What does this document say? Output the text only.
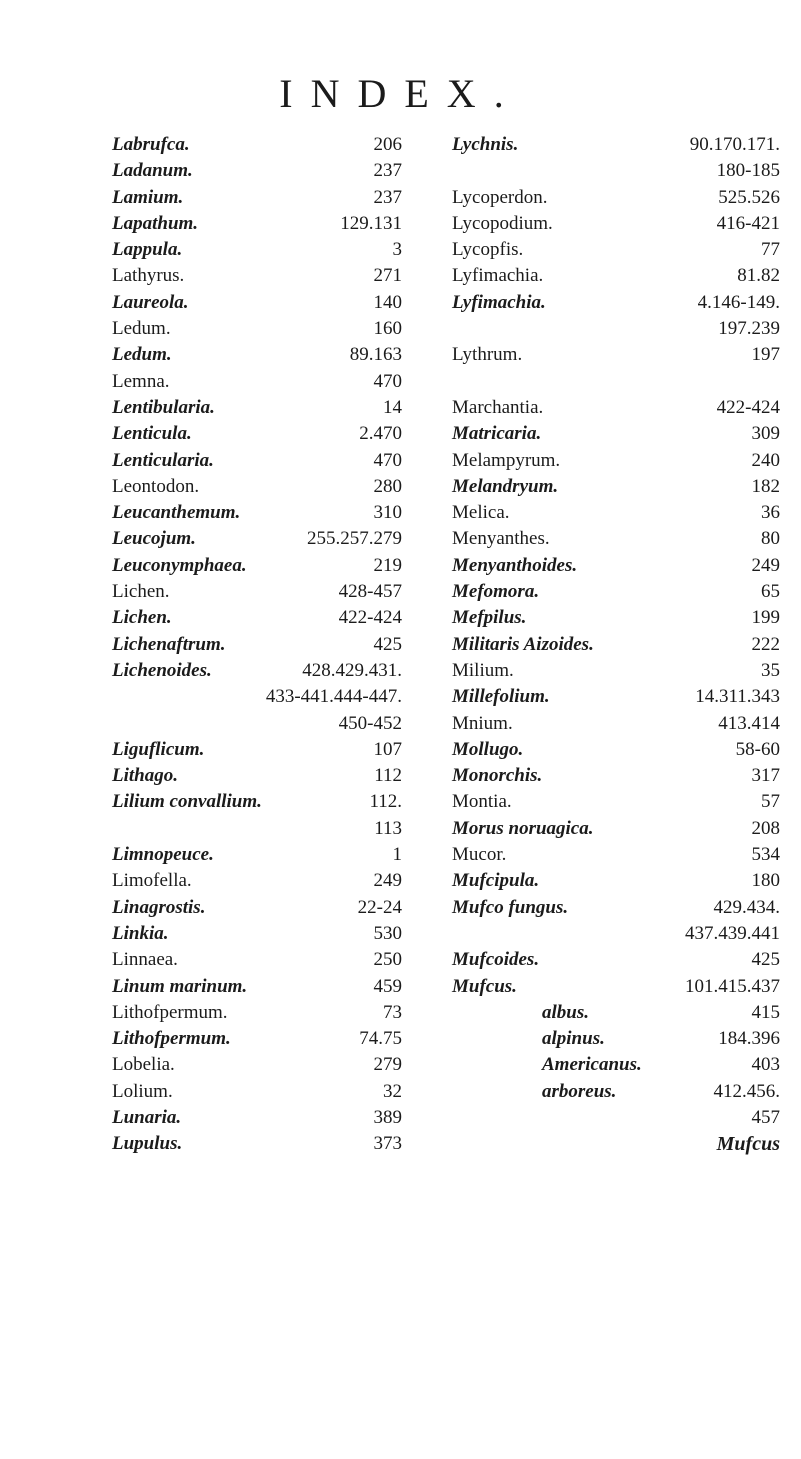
INDEX.
Labrufca.	206
Ladanum.	237
Lamium.	237
Lapathum.	129.131
Lappula.	3
Lathyrus.	271
Laureola.	140
Ledum.	160
Ledum.	89.163
Lemna.	470
Lentibularia.	14
Lenticula.	2.470
Lenticularia.	470
Leontodon.	280
Leucanthemum.	310
Leucojum.	255.257.279
Leuconymphaea.	219
Lichen.	428-457
Lichen.	422-424
Lichenaftrum.	425
Lichenoides.	428.429.431.
433-441.444-447.
450-452
Liguflicum.	107
Lithago.	112
Lilium convallium.	112.
113
Limnopeuce.	1
Limofella.	249
Linagrostis.	22-24
Linkia.	530
Linnaea.	250
Linum marinum.	459
Lithofpermum.	73
Lithofpermum.	74.75
Lobelia.	279
Lolium.	32
Lunaria.	389
Lupulus.	373
Lychnis.	90.170.171.
180-185
Lycoperdon.	525.526
Lycopodium.	416-421
Lycopfis.	77
Lyfimachia.	81.82
Lyfimachia.	4.146-149.
197.239
Lythrum.	197
Marchantia.	422-424
Matricaria.	309
Melampyrum.	240
Melandryum.	182
Melica.	36
Menyanthes.	80
Menyanthoides.	249
Mefomora.	65
Mefpilus.	199
Militaris Aizoides.	222
Milium.	35
Millefolium.	14.311.343
Mnium.	413.414
Mollugo.	58-60
Monorchis.	317
Montia.	57
Morus noruagica.	208
Mucor.	534
Mufcipula.	180
Mufco fungus.	429.434.
437.439.441
Mufcoides.	425
Mufcus.	101.415.437
albus.	415
alpinus.	184.396
Americanus.	403
arboreus.	412.456.
457
Mufcus
